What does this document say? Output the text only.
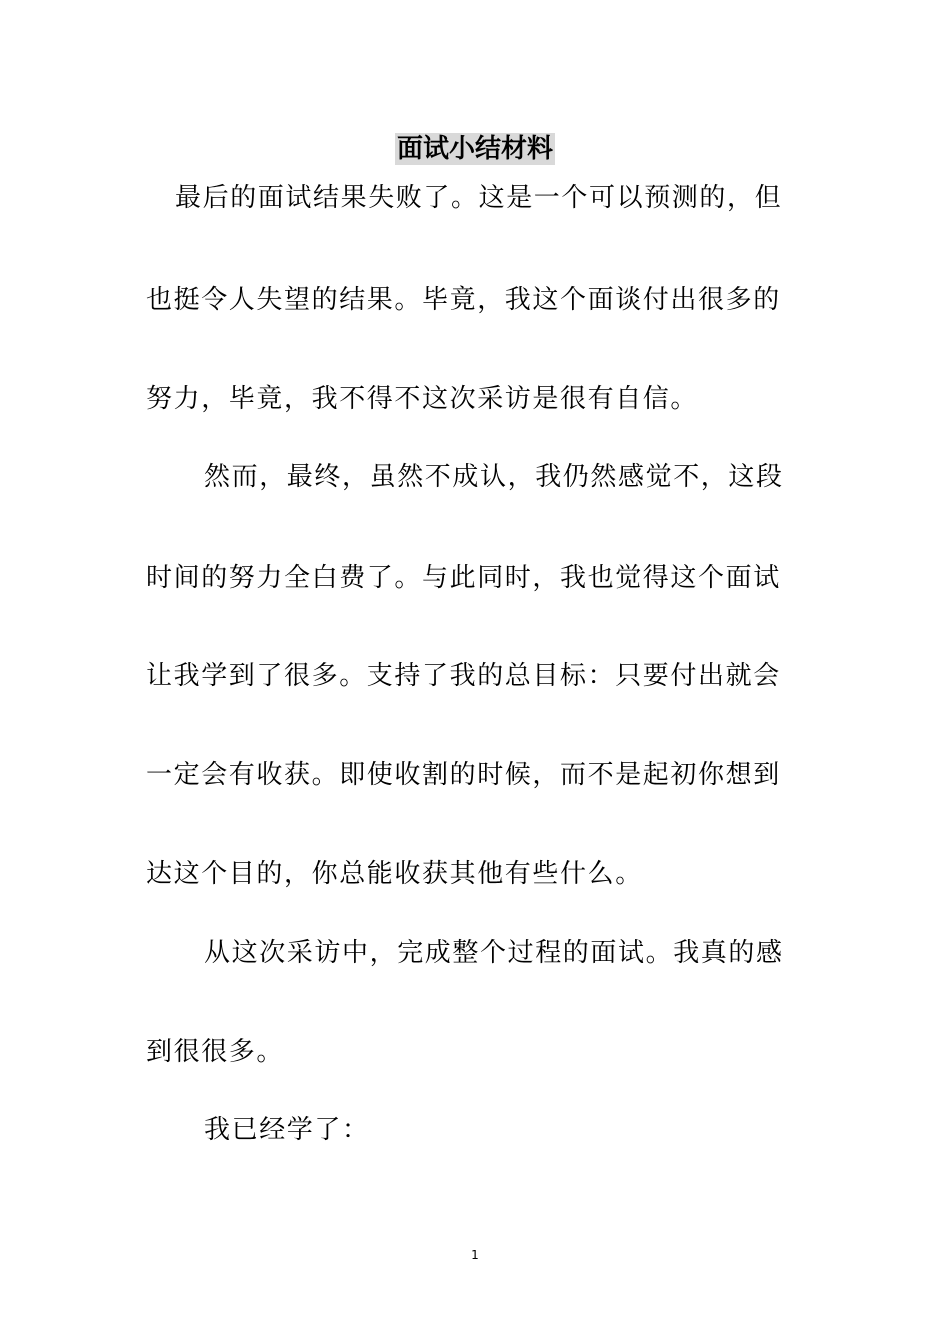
面试小结材料
最后的面试结果失败了。这是一个可以预测的，但
也挺令人失望的结果。毕竟，我这个面谈付出很多的
努力，毕竟，我不得不这次采访是很有自信。
然而，最终，虽然不成认，我仍然感觉不，这段
时间的努力全白费了。与此同时，我也觉得这个面试
让我学到了很多。支持了我的总目标：只要付出就会
一定会有收获。即使收割的时候，而不是起初你想到
达这个目的，你总能收获其他有些什么。
从这次采访中，完成整个过程的面试。我真的感
到很很多。
我已经学了：
1
